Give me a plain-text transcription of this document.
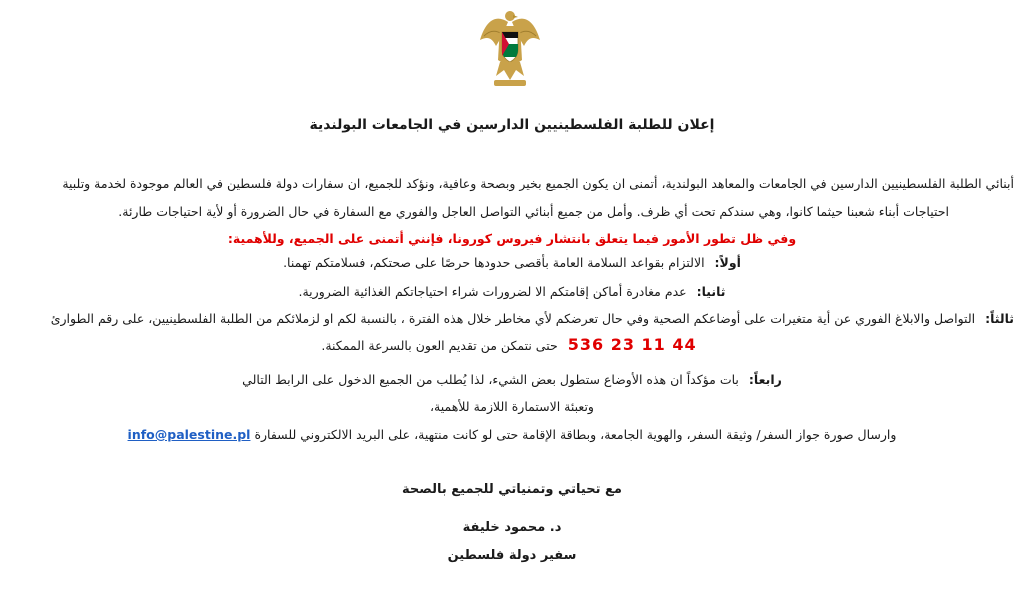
إعلان للطلبة الفلسطينيين الدارسين في الجامعات البولندية
أبنائي الطلبة الفلسطينيين الدارسين في الجامعات والمعاهد البولندية، أتمنى ان يكون الجميع بخير وبصحة وعافية، ونؤكد للجميع، ان سفارات دولة فلسطين في العالم موجودة لخدمة وتلبية
احتياجات أبناء شعبنا حيثما كانوا، وهي سندكم تحت أي ظرف. وأمل من جميع أبنائي التواصل العاجل والفوري مع السفارة في حال الضرورة أو لأية احتياجات طارئة.
وفي ظل تطور الأمور فيما يتعلق بانتشار فيروس كورونا، فإنني أتمنى على الجميع، وللأهمية:
أولاً: الالتزام بقواعد السلامة العامة بأقصى حدودها حرصًا على صحتكم، فسلامتكم تهمنا.
ثانيا: عدم مغادرة أماكن إقامتكم الا لضرورات شراء احتياجاتكم الغذائية الضرورية.
ثالثاً: التواصل والابلاغ الفوري عن أية متغيرات على أوضاعكم الصحية وفي حال تعرضكم لأي مخاطر خلال هذه الفترة ، بالنسبة لكم او لزملائكم من الطلبة الفلسطينيين، على رقم الطوارئ
536 23 11 44 حتى نتمكن من تقديم العون بالسرعة الممكنة.
رابعاً: بات مؤكداً ان هذه الأوضاع ستطول بعض الشيء، لذا يُطلب من الجميع الدخول على الرابط التالي
وتعبئة الاستمارة اللازمة للأهمية،
وارسال صورة جواز السفر/ وثيقة السفر، والهوية الجامعة، وبطاقة الإقامة حتى لو كانت منتهية، على البريد الالكتروني للسفارة info@palestine.pl
مع تحياتي وتمنياتي للجميع بالصحة
د. محمود خليفة
سفير دولة فلسطين
